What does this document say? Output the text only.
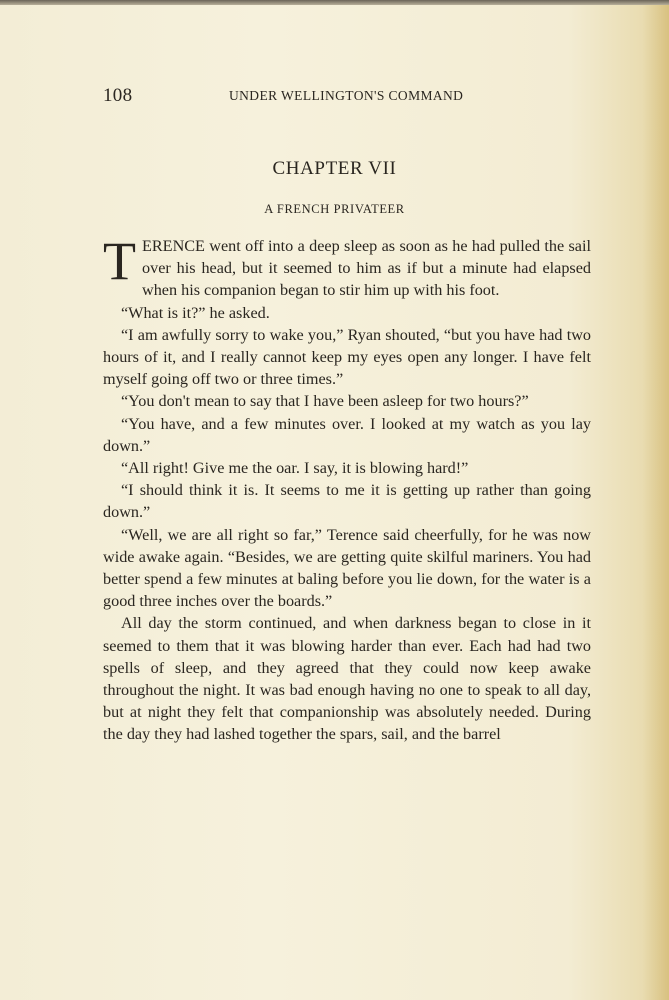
108	UNDER WELLINGTON'S COMMAND
CHAPTER VII
A FRENCH PRIVATEER

TERENCE went off into a deep sleep as soon as he had pulled the sail over his head, but it seemed to him as if but a minute had elapsed when his companion began to stir him up with his foot.

“What is it?” he asked.

“I am awfully sorry to wake you,” Ryan shouted, “but you have had two hours of it, and I really cannot keep my eyes open any longer. I have felt myself going off two or three times.”

“You don't mean to say that I have been asleep for two hours?”

“You have, and a few minutes over. I looked at my watch as you lay down.”

“All right! Give me the oar. I say, it is blowing hard!”

“I should think it is. It seems to me it is getting up rather than going down.”

“Well, we are all right so far,” Terence said cheerfully, for he was now wide awake again. “Besides, we are getting quite skilful mariners. You had better spend a few minutes at baling before you lie down, for the water is a good three inches over the boards.”

All day the storm continued, and when darkness began to close in it seemed to them that it was blowing harder than ever. Each had had two spells of sleep, and they agreed that they could now keep awake throughout the night. It was bad enough having no one to speak to all day, but at night they felt that companionship was absolutely needed. During the day they had lashed together the spars, sail, and the barrel
